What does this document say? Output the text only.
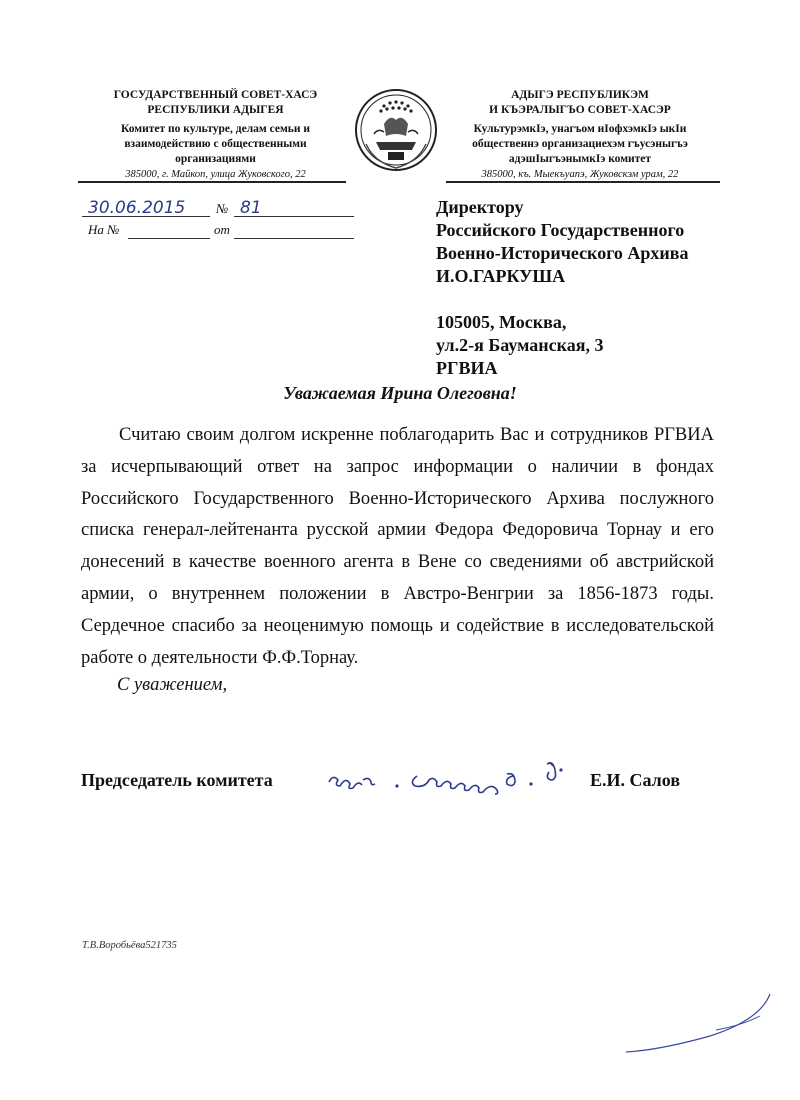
ГОСУДАРСТВЕННЫЙ СОВЕТ-ХАСЭ
РЕСПУБЛИКИ АДЫГЕЯ
Комитет по культуре, делам семьи и
взаимодействию с общественными
организациями
385000, г. Майкоп, улица Жуковского, 22
АДЫГЭ РЕСПУБЛИКЭМ
И КЪЭРАЛЫГЪО СОВЕТ-ХАСЭР
КультурэмкIэ, унагъом иIофхэмкIэ ыкIи
общественнэ организациехэм гъусэныгъэ
адэшIыгъэнымкIэ комитет
385000, къ. Мыекъуапэ, Жуковскэм урам, 22
30.06.2015 № 81
На №	от
Директору
Российского Государственного
Военно-Исторического Архива
И.О.ГАРКУША
105005, Москва,
ул.2-я Бауманская, 3
РГВИА
Уважаемая Ирина Олеговна!

Считаю своим долгом искренне поблагодарить Вас и сотрудников РГВИА за исчерпывающий ответ на запрос информации о наличии в фондах Российского Государственного Военно-Исторического Архива послужного списка генерал-лейтенанта русской армии Федора Федоровича Торнау и его донесений в качестве военного агента в Вене со сведениями об австрийской армии, о внутреннем положении в Австро-Венгрии за 1856-1873 годы. Сердечное спасибо за неоценимую помощь и содействие в исследовательской работе о деятельности Ф.Ф.Торнау.

С уважением,
Председатель комитета	Е.И. Салов
Т.В.Воробьёва521735
